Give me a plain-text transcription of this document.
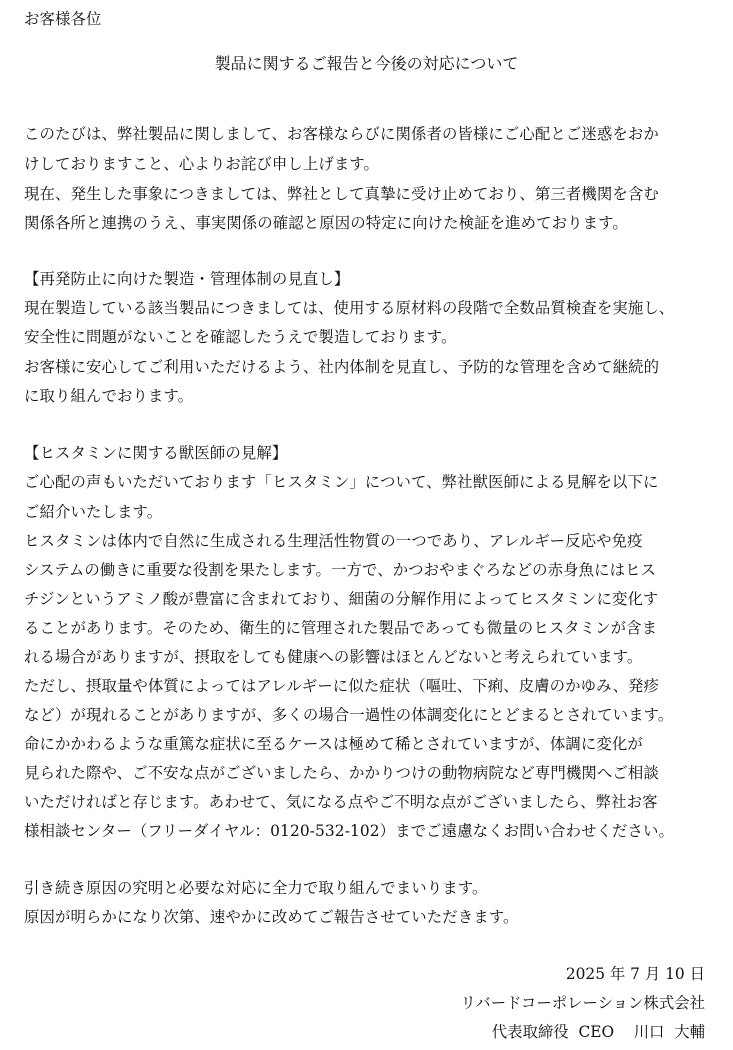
お客様各位
製品に関するご報告と今後の対応について
このたびは、弊社製品に関しまして、お客様ならびに関係者の皆様にご心配とご迷惑をおか
けしておりますこと、心よりお詫び申し上げます。
現在、発生した事象につきましては、弊社として真摯に受け止めており、第三者機関を含む
関係各所と連携のうえ、事実関係の確認と原因の特定に向けた検証を進めております。
【再発防止に向けた製造・管理体制の見直し】
現在製造している該当製品につきましては、使用する原材料の段階で全数品質検査を実施し、
安全性に問題がないことを確認したうえで製造しております。
お客様に安心してご利用いただけるよう、社内体制を見直し、予防的な管理を含めて継続的
に取り組んでおります。
【ヒスタミンに関する獣医師の見解】
ご心配の声もいただいております「ヒスタミン」について、弊社獣医師による見解を以下に
ご紹介いたします。
ヒスタミンは体内で自然に生成される生理活性物質の一つであり、アレルギー反応や免疫
システムの働きに重要な役割を果たします。一方で、かつおやまぐろなどの赤身魚にはヒス
チジンというアミノ酸が豊富に含まれており、細菌の分解作用によってヒスタミンに変化す
ることがあります。そのため、衛生的に管理された製品であっても微量のヒスタミンが含ま
れる場合がありますが、摂取をしても健康への影響はほとんどないと考えられています。
ただし、摂取量や体質によってはアレルギーに似た症状（嘔吐、下痢、皮膚のかゆみ、発疹
など）が現れることがありますが、多くの場合一過性の体調変化にとどまるとされています。
命にかかわるような重篤な症状に至るケースは極めて稀とされていますが、体調に変化が
見られた際や、ご不安な点がございましたら、かかりつけの動物病院など専門機関へご相談
いただければと存じます。あわせて、気になる点やご不明な点がございましたら、弊社お客
様相談センター（フリーダイヤル：0120-532-102）までご遠慮なくお問い合わせください。
引き続き原因の究明と必要な対応に全力で取り組んでまいります。
原因が明らかになり次第、速やかに改めてご報告させていただきます。
2025 年 7 月 10 日
リバードコーポレーション株式会社
代表取締役  CEO    川口  大輔
